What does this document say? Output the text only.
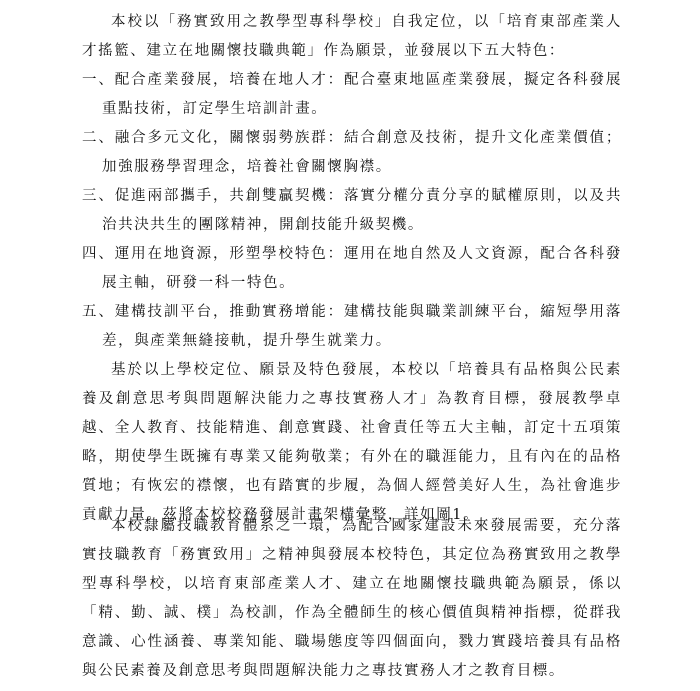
本校以「務實致用之教學型專科學校」自我定位，以「培育東部產業人才搖籃、建立在地關懷技職典範」作為願景，並發展以下五大特色：

一、配合產業發展，培養在地人才：配合臺東地區產業發展，擬定各科發展重點技術，訂定學生培訓計畫。

二、融合多元文化，關懷弱勢族群：結合創意及技術，提升文化產業價值；加強服務學習理念，培養社會關懷胸襟。

三、促進兩部攜手，共創雙贏契機：落實分權分責分享的賦權原則，以及共治共決共生的團隊精神，開創技能升級契機。

四、運用在地資源，形塑學校特色：運用在地自然及人文資源，配合各科發展主軸，研發一科一特色。

五、建構技訓平台，推動實務增能：建構技能與職業訓練平台，縮短學用落差，與產業無縫接軌，提升學生就業力。

基於以上學校定位、願景及特色發展，本校以「培養具有品格與公民素養及創意思考與問題解決能力之專技實務人才」為教育目標，發展教學卓越、全人教育、技能精進、創意實踐、社會責任等五大主軸，訂定十五項策略，期使學生既擁有專業又能夠敬業；有外在的職涯能力，且有內在的品格質地；有恢宏的襟懷，也有踏實的步履，為個人經營美好人生，為社會進步貢獻力量。茲將本校校務發展計畫架構彙整，詳如圖1。

本校隸屬技職教育體系之一環，為配合國家建設未來發展需要，充分落實技職教育「務實致用」之精神與發展本校特色，其定位為務實致用之教學型專科學校，以培育東部產業人才、建立在地關懷技職典範為願景，係以「精、勤、誠、樸」為校訓，作為全體師生的核心價值與精神指標，從群我意識、心性涵養、專業知能、職場態度等四個面向，戮力實踐培養具有品格與公民素養及創意思考與問題解決能力之專技實務人才之教育目標。
